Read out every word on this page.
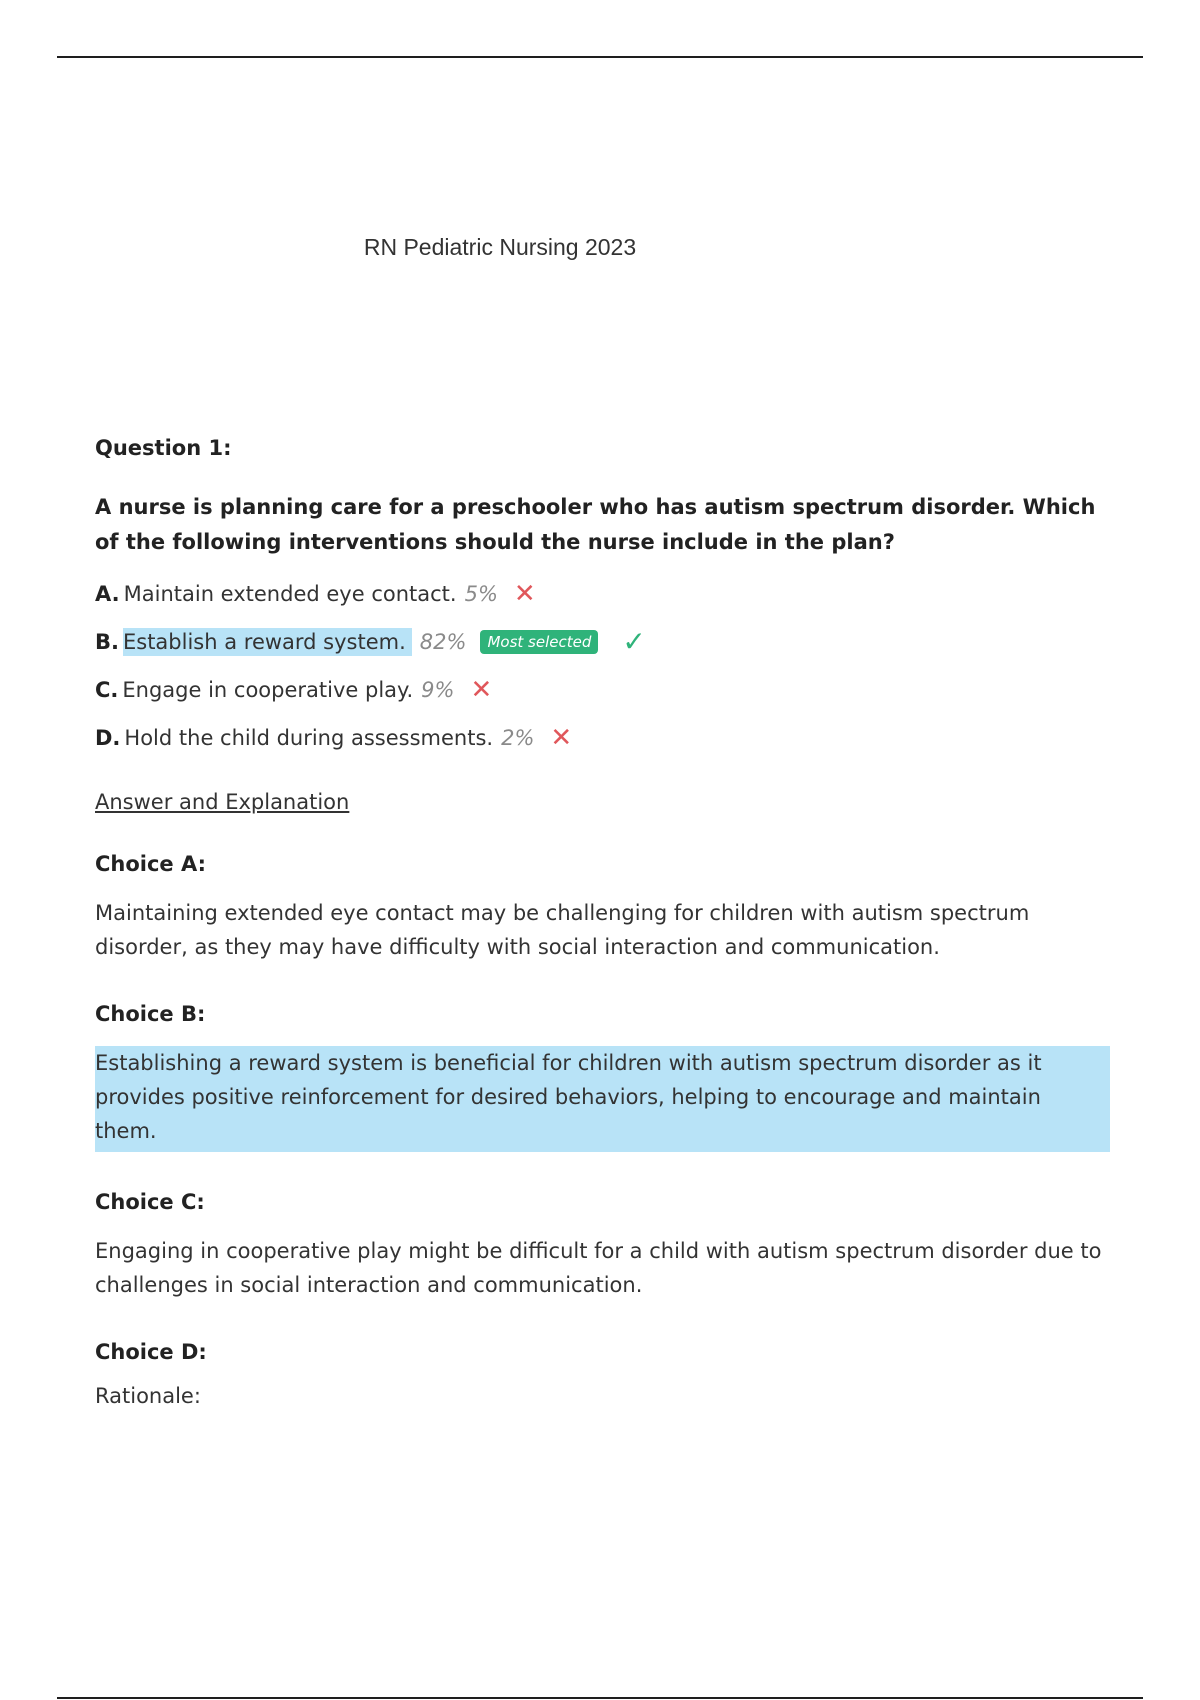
RN Pediatric Nursing 2023
Question 1:
A nurse is planning care for a preschooler who has autism spectrum disorder. Which of the following interventions should the nurse include in the plan?
A. Maintain extended eye contact. 5% ✕
B. Establish a reward system. 82%	Most selected ✓
C. Engage in cooperative play. 9% ✕
D. Hold the child during assessments. 2% ✕
Answer and Explanation
Choice A:
Maintaining extended eye contact may be challenging for children with autism spectrum disorder, as they may have difficulty with social interaction and communication.
Choice B:
Establishing a reward system is beneficial for children with autism spectrum disorder as it provides positive reinforcement for desired behaviors, helping to encourage and maintain them.
Choice C:
Engaging in cooperative play might be difficult for a child with autism spectrum disorder due to challenges in social interaction and communication.
Choice D:
Rationale:
